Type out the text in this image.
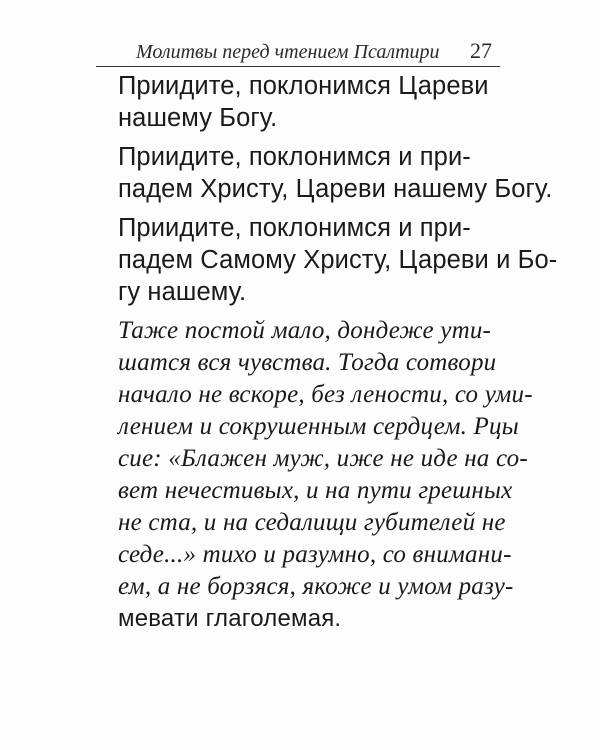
Молитвы перед чтением Псалтири 27
Приидите, поклонимся Цареви
нашему Богу.
Приидите, поклонимся и при-
падем Христу, Цареви нашему Богу.
Приидите, поклонимся и при-
падем Самому Христу, Цареви и Бо-
гу нашему.
Таже постой мало, дондеже ути-
шатся вся чувства. Тогда сотвори
начало не вскоре, без лености, со уми-
лением и сокрушенным сердцем. Рцы
сие: «Блажен муж, иже не иде на со-
вет нечестивых, и на пути грешных
не ста, и на седалищи губителей не
седе...» тихо и разумно, со внимани-
ем, а не борзяся, якоже и умом разу-
мевати глаголемая.
